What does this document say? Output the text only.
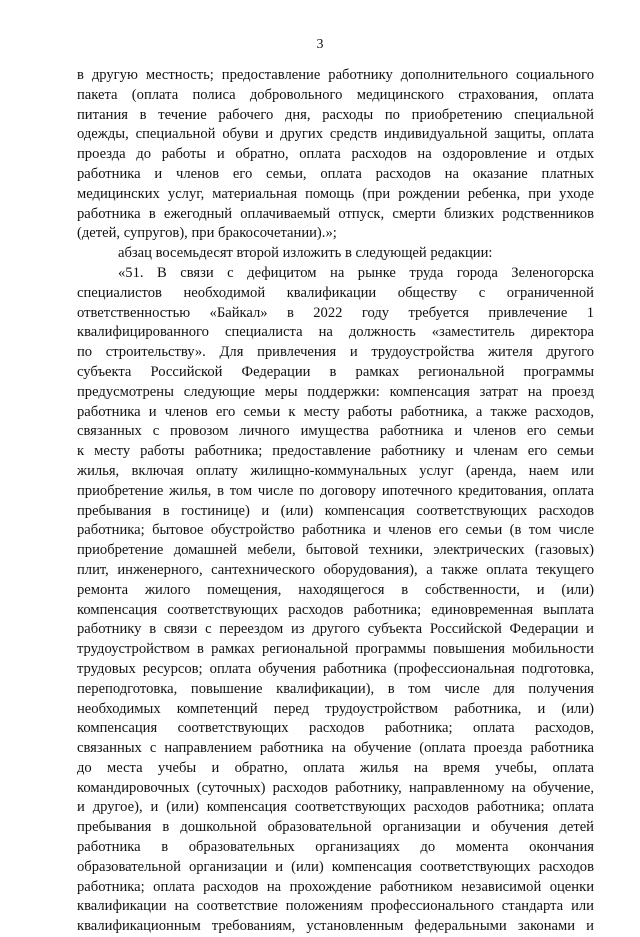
3
в другую местность; предоставление работнику дополнительного социального
пакета (оплата полиса добровольного медицинского страхования, оплата
питания в течение рабочего дня, расходы по приобретению специальной
одежды, специальной обуви и других средств индивидуальной защиты, оплата
проезда до работы и обратно, оплата расходов на оздоровление и отдых
работника и членов его семьи, оплата расходов на оказание платных
медицинских услуг, материальная помощь (при рождении ребенка, при уходе
работника в ежегодный оплачиваемый отпуск, смерти близких родственников
(детей, супругов), при бракосочетании).»;
абзац восемьдесят второй изложить в следующей редакции:
«51. В связи с дефицитом на рынке труда города Зеленогорска
специалистов необходимой квалификации обществу с ограниченной
ответственностью «Байкал» в 2022 году требуется привлечение 1
квалифицированного специалиста на должность «заместитель директора
по строительству». Для привлечения и трудоустройства жителя другого
субъекта Российской Федерации в рамках региональной программы
предусмотрены следующие меры поддержки: компенсация затрат на проезд
работника и членов его семьи к месту работы работника, а также расходов,
связанных с провозом личного имущества работника и членов его семьи
к месту работы работника; предоставление работнику и членам его семьи
жилья, включая оплату жилищно-коммунальных услуг (аренда, наем или
приобретение жилья, в том числе по договору ипотечного кредитования, оплата
пребывания в гостинице) и (или) компенсация соответствующих расходов
работника; бытовое обустройство работника и членов его семьи (в том числе
приобретение домашней мебели, бытовой техники, электрических (газовых)
плит, инженерного, сантехнического оборудования), а также оплата текущего
ремонта жилого помещения, находящегося в собственности, и (или)
компенсация соответствующих расходов работника; единовременная выплата
работнику в связи с переездом из другого субъекта Российской Федерации и
трудоустройством в рамках региональной программы повышения мобильности
трудовых ресурсов; оплата обучения работника (профессиональная подготовка,
переподготовка, повышение квалификации), в том числе для получения
необходимых компетенций перед трудоустройством работника, и (или)
компенсация соответствующих расходов работника; оплата расходов,
связанных с направлением работника на обучение (оплата проезда работника
до места учебы и обратно, оплата жилья на время учебы, оплата
командировочных (суточных) расходов работнику, направленному на обучение,
и другое), и (или) компенсация соответствующих расходов работника; оплата
пребывания в дошкольной образовательной организации и обучения детей
работника в образовательных организациях до момента окончания
образовательной организации и (или) компенсация соответствующих расходов
работника; оплата расходов на прохождение работником независимой оценки
квалификации на соответствие положениям профессионального стандарта или
квалификационным требованиям, установленным федеральными законами и
